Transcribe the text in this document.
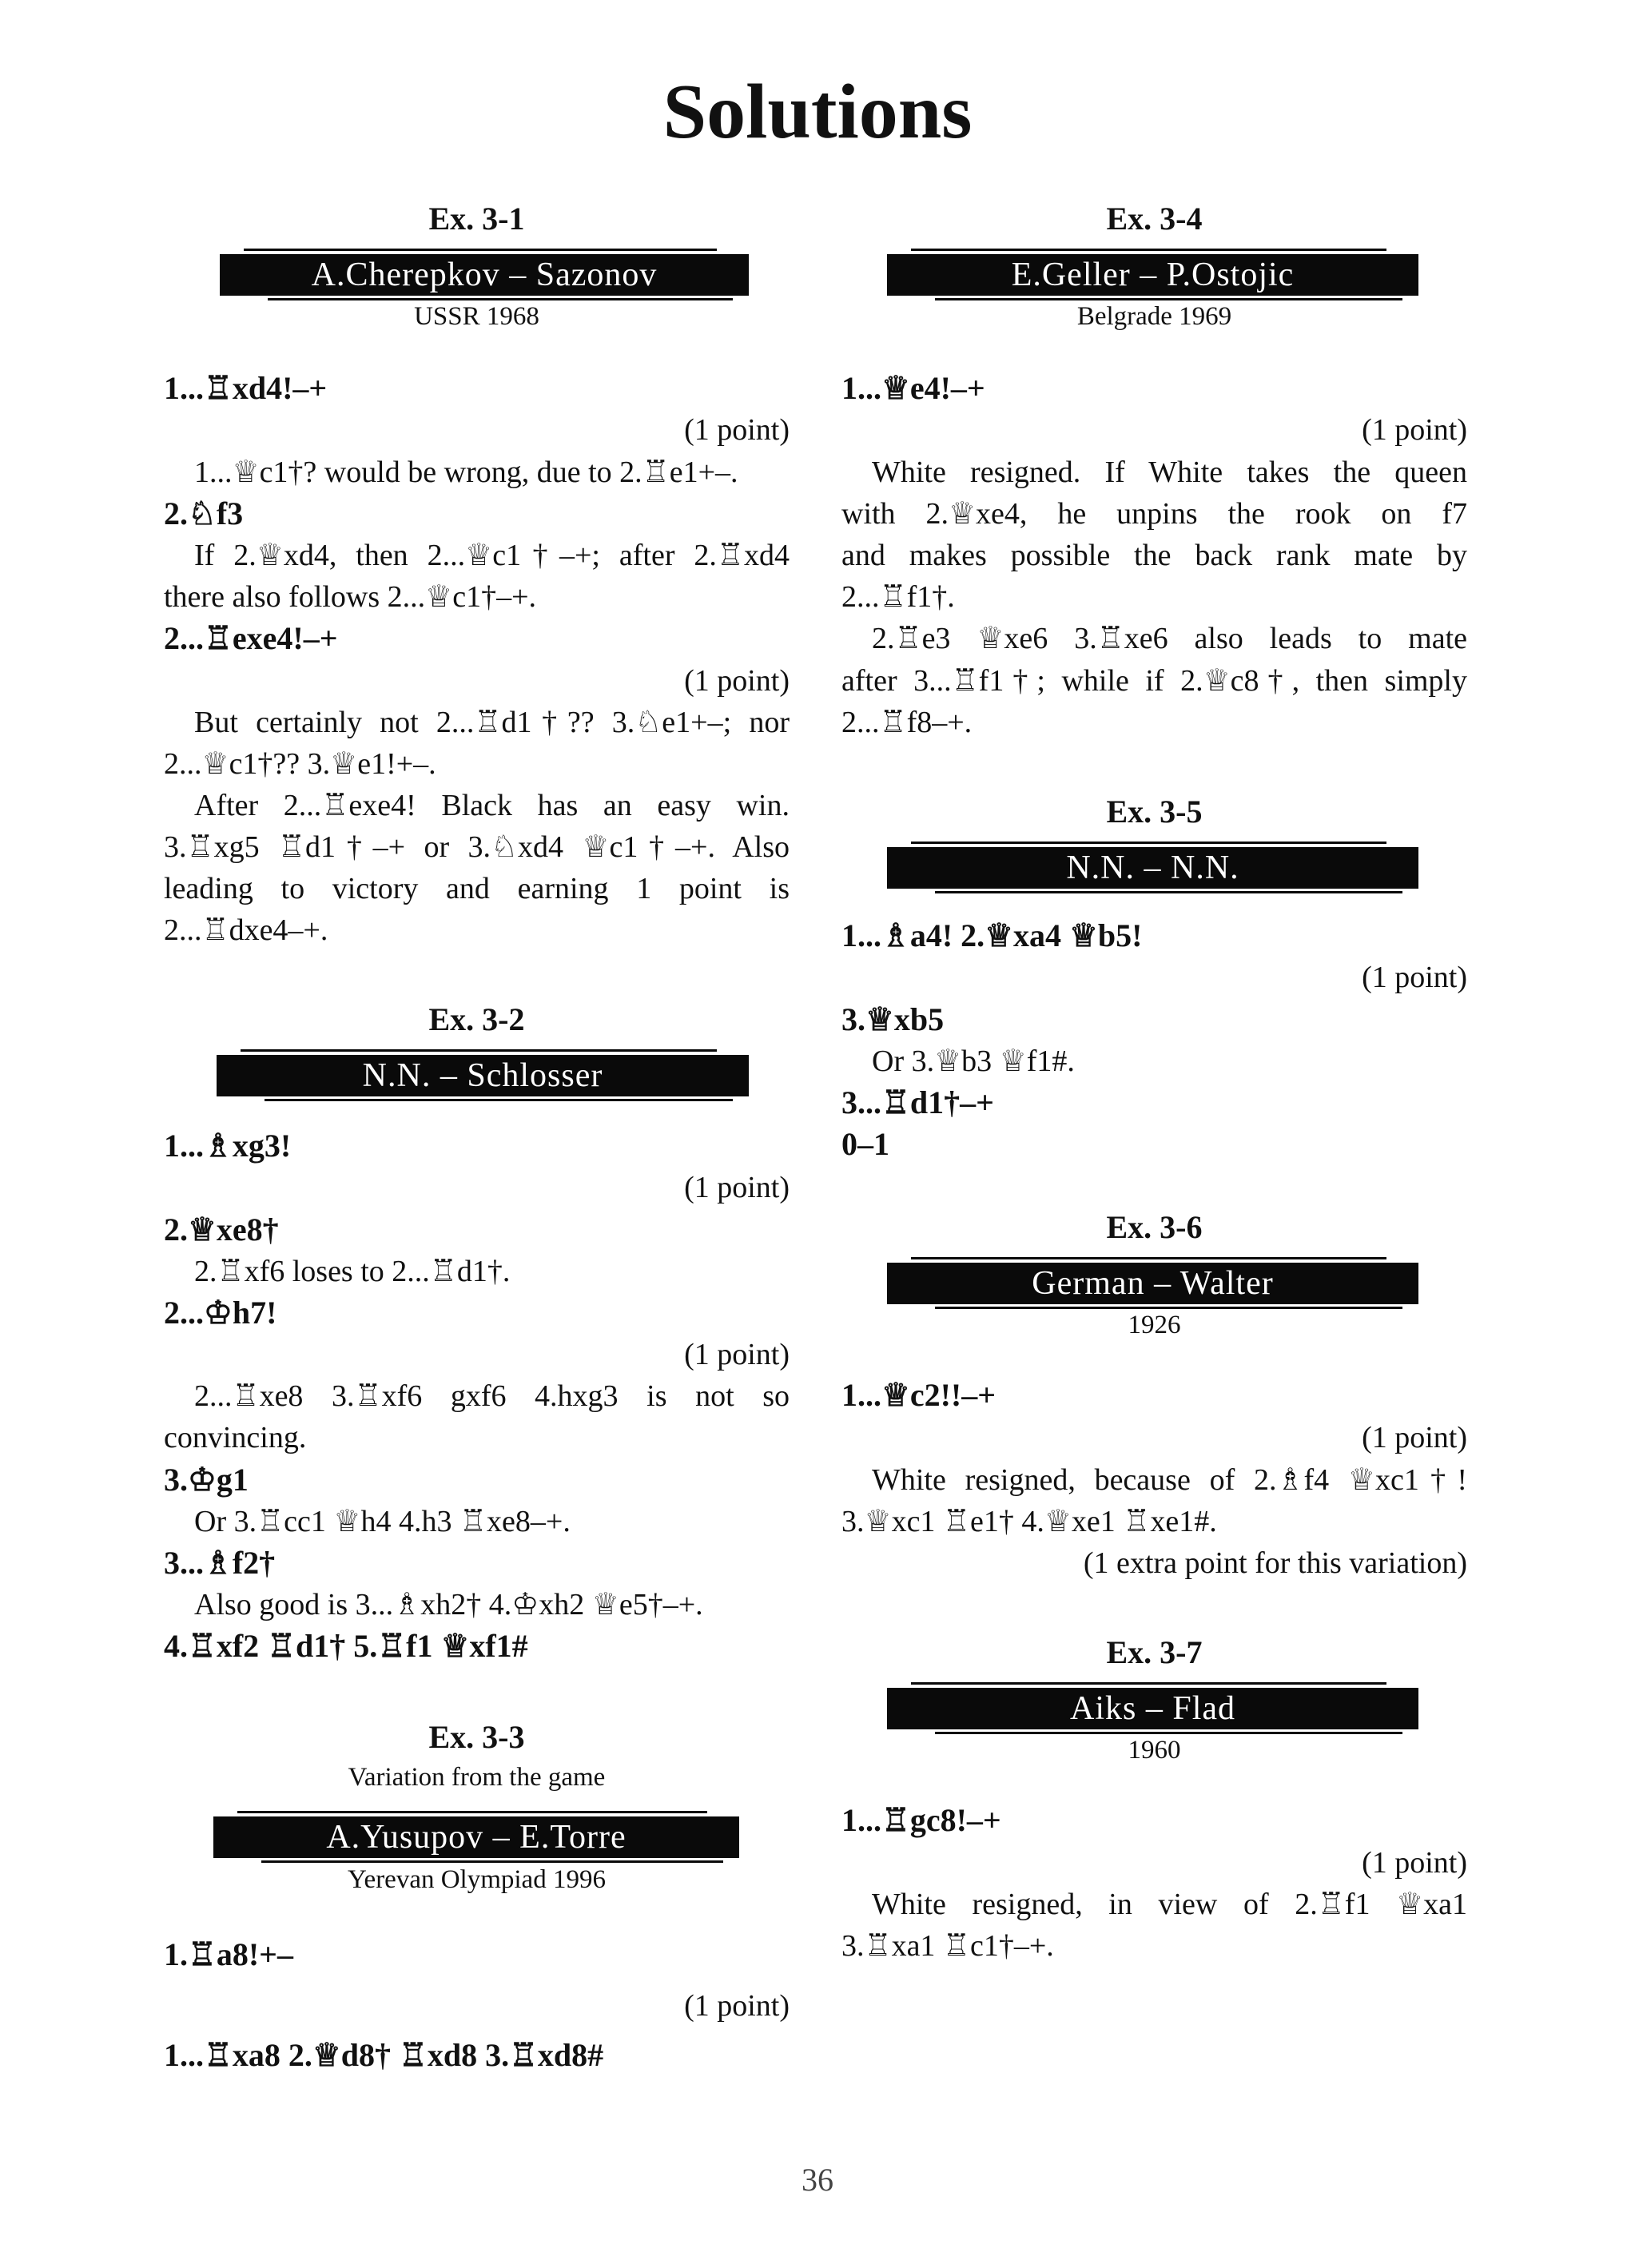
Solutions
Ex. 3-1
A.Cherepkov – Sazonov
USSR 1968
1...♖xd4!–+
(1 point)
1...♕c1†? would be wrong, due to 2.♖e1+–.
2.♘f3
If 2.♕xd4, then 2...♕c1†–+; after 2.♖xd4
there also follows 2...♕c1†–+.
2...♖exe4!–+
(1 point)
But certainly not 2...♖d1†?? 3.♘e1+–; nor
2...♕c1†?? 3.♕e1!+–.
After 2...♖exe4! Black has an easy win.
3.♖xg5 ♖d1†–+ or 3.♘xd4 ♕c1†–+. Also
leading to victory and earning 1 point is
2...♖dxe4–+.
Ex. 3-2
N.N. – Schlosser
1...♗xg3!
(1 point)
2.♕xe8†
2.♖xf6 loses to 2...♖d1†.
2...♔h7!
(1 point)
2...♖xe8 3.♖xf6 gxf6 4.hxg3 is not so
convincing.
3.♔g1
Or 3.♖cc1 ♕h4 4.h3 ♖xe8–+.
3...♗f2†
Also good is 3...♗xh2† 4.♔xh2 ♕e5†–+.
4.♖xf2 ♖d1† 5.♖f1 ♕xf1#
Ex. 3-3
Variation from the game
A.Yusupov – E.Torre
Yerevan Olympiad 1996
1.♖a8!+–
(1 point)
1...♖xa8 2.♕d8† ♖xd8 3.♖xd8#
Ex. 3-4
E.Geller – P.Ostojic
Belgrade 1969
1...♕e4!–+
(1 point)
White resigned. If White takes the queen
with 2.♕xe4, he unpins the rook on f7
and makes possible the back rank mate by
2...♖f1†.
2.♖e3 ♕xe6 3.♖xe6 also leads to mate
after 3...♖f1†; while if 2.♕c8†, then simply
2...♖f8–+.
Ex. 3-5
N.N. – N.N.
1...♗a4! 2.♕xa4 ♕b5!
(1 point)
3.♕xb5
Or 3.♕b3 ♕f1#.
3...♖d1†–+
0–1
Ex. 3-6
German – Walter
1926
1...♕c2!!–+
(1 point)
White resigned, because of 2.♗f4 ♕xc1†!
3.♕xc1 ♖e1† 4.♕xe1 ♖xe1#.
(1 extra point for this variation)
Ex. 3-7
Aiks – Flad
1960
1...♖gc8!–+
(1 point)
White resigned, in view of 2.♖f1 ♕xa1
3.♖xa1 ♖c1†–+.
36
